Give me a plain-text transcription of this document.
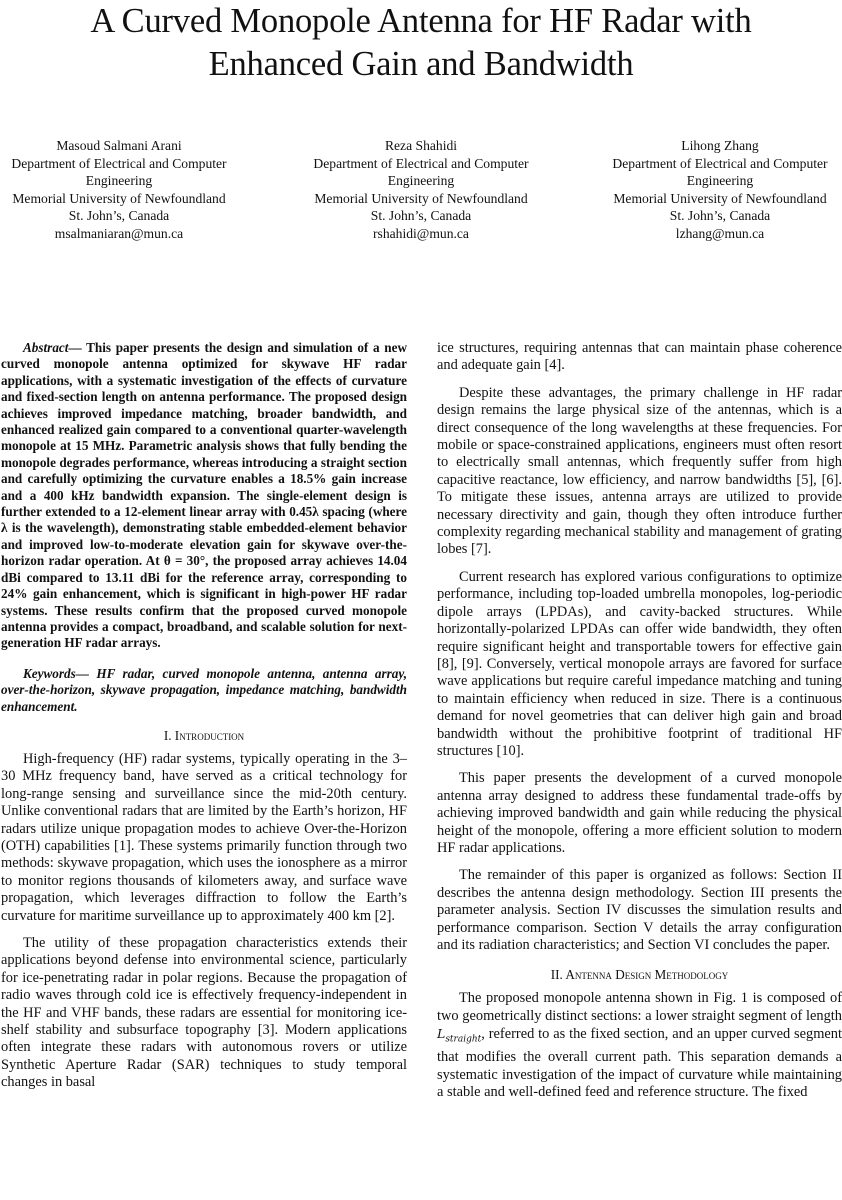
A Curved Monopole Antenna for HF Radar with
Enhanced Gain and Bandwidth
Masoud Salmani Arani
Department of Electrical and Computer
Engineering
Memorial University of Newfoundland
St. John’s, Canada
msalmaniaran@mun.ca
Reza Shahidi
Department of Electrical and Computer
Engineering
Memorial University of Newfoundland
St. John’s, Canada
rshahidi@mun.ca
Lihong Zhang
Department of Electrical and Computer
Engineering
Memorial University of Newfoundland
St. John’s, Canada
lzhang@mun.ca

Abstract— This paper presents the design and simulation of a new curved monopole antenna optimized for skywave HF radar applications, with a systematic investigation of the effects of curvature and fixed-section length on antenna performance. The proposed design achieves improved impedance matching, broader bandwidth, and enhanced realized gain compared to a conventional quarter-wavelength monopole at 15 MHz. Parametric analysis shows that fully bending the monopole degrades performance, whereas introducing a straight section and carefully optimizing the curvature enables a 18.5% gain increase and a 400 kHz bandwidth expansion. The single-element design is further extended to a 12-element linear array with 0.45λ spacing (where λ is the wavelength), demonstrating stable embedded-element behavior and improved low-to-moderate elevation gain for skywave over-the-horizon radar operation. At θ = 30°, the proposed array achieves 14.04 dBi compared to 13.11 dBi for the reference array, corresponding to 24% gain enhancement, which is significant in high-power HF radar systems. These results confirm that the proposed curved monopole antenna provides a compact, broadband, and scalable solution for next-generation HF radar arrays.

Keywords— HF radar, curved monopole antenna, antenna array, over-the-horizon, skywave propagation, impedance matching, bandwidth enhancement.

I. Introduction

High-frequency (HF) radar systems, typically operating in the 3–30 MHz frequency band, have served as a critical technology for long-range sensing and surveillance since the mid-20th century. Unlike conventional radars that are limited by the Earth’s horizon, HF radars utilize unique propagation modes to achieve Over-the-Horizon (OTH) capabilities [1]. These systems primarily function through two methods: skywave propagation, which uses the ionosphere as a mirror to monitor regions thousands of kilometers away, and surface wave propagation, which leverages diffraction to follow the Earth’s curvature for maritime surveillance up to approximately 400 km [2].

The utility of these propagation characteristics extends their applications beyond defense into environmental science, particularly for ice-penetrating radar in polar regions. Because the propagation of radio waves through cold ice is effectively frequency-independent in the HF and VHF bands, these radars are essential for monitoring ice-shelf stability and subsurface topography [3]. Modern applications often integrate these radars with autonomous rovers or utilize Synthetic Aperture Radar (SAR) techniques to study temporal changes in basal

ice structures, requiring antennas that can maintain phase coherence and adequate gain [4].

Despite these advantages, the primary challenge in HF radar design remains the large physical size of the antennas, which is a direct consequence of the long wavelengths at these frequencies. For mobile or space-constrained applications, engineers must often resort to electrically small antennas, which frequently suffer from high capacitive reactance, low efficiency, and narrow bandwidths [5], [6]. To mitigate these issues, antenna arrays are utilized to provide necessary directivity and gain, though they often introduce further complexity regarding mechanical stability and management of grating lobes [7].

Current research has explored various configurations to optimize performance, including top-loaded umbrella monopoles, log-periodic dipole arrays (LPDAs), and cavity-backed structures. While horizontally-polarized LPDAs can offer wide bandwidth, they often require significant height and transportable towers for effective gain [8], [9]. Conversely, vertical monopole arrays are favored for surface wave applications but require careful impedance matching and tuning to maintain efficiency when reduced in size. There is a continuous demand for novel geometries that can deliver high gain and broad bandwidth without the prohibitive footprint of traditional HF structures [10].

This paper presents the development of a curved monopole antenna array designed to address these fundamental trade-offs by achieving improved bandwidth and gain while reducing the physical height of the monopole, offering a more efficient solution to modern HF radar applications.

The remainder of this paper is organized as follows: Section II describes the antenna design methodology. Section III presents the parameter analysis. Section IV discusses the simulation results and performance comparison. Section V details the array configuration and its radiation characteristics; and Section VI concludes the paper.

II. Antenna Design Methodology

The proposed monopole antenna shown in Fig. 1 is composed of two geometrically distinct sections: a lower straight segment of length $L_{straight}$, referred to as the fixed section, and an upper curved segment that modifies the overall current path. This separation demands a systematic investigation of the impact of curvature while maintaining a stable and well-defined feed and reference structure. The fixed
